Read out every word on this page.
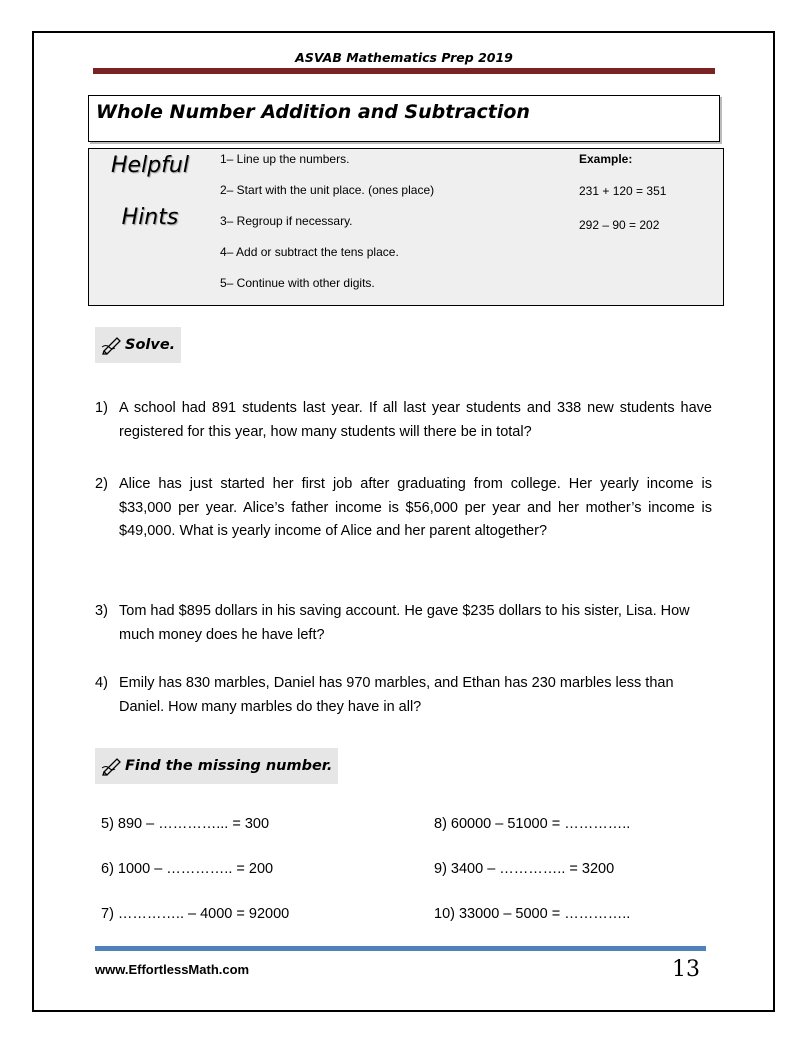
ASVAB Mathematics Prep 2019
Whole Number Addition and Subtraction
Helpful
Hints
1– Line up the numbers.
2– Start with the unit place. (ones place)
3– Regroup if necessary.
4– Add or subtract the tens place.
5– Continue with other digits.
Example:
231 + 120 = 351
292 – 90 = 202
Solve.
1) A school had 891 students last year. If all last year students and 338 new students have registered for this year, how many students will there be in total?
2) Alice has just started her first job after graduating from college. Her yearly income is $33,000 per year. Alice’s father income is $56,000 per year and her mother’s income is $49,000. What is yearly income of Alice and her parent altogether?
3) Tom had $895 dollars in his saving account. He gave $235 dollars to his sister, Lisa. How much money does he have left?
4) Emily has 830 marbles, Daniel has 970 marbles, and Ethan has 230 marbles less than Daniel. How many marbles do they have in all?
Find the missing number.
5) 890 – …………... = 300
6) 1000 – ………….. = 200
7) ………….. – 4000 = 92000
8) 60000 – 51000 = …………..
9) 3400 – ………….. = 3200
10) 33000 – 5000 = …………..
www.EffortlessMath.com	13
